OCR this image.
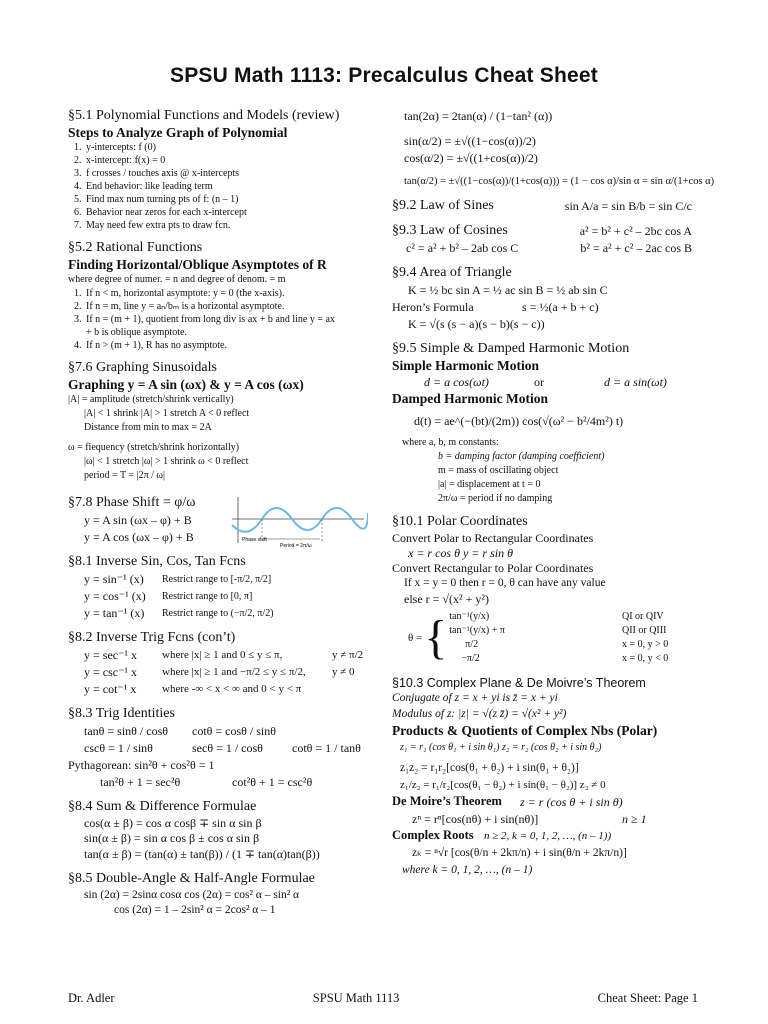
SPSU Math 1113: Precalculus Cheat Sheet
§5.1 Polynomial Functions and Models (review)
Steps to Analyze Graph of Polynomial
1. y-intercepts: f (0)
2. x-intercept: f(x) = 0
3. f crosses / touches axis @ x-intercepts
4. End behavior: like leading term
5. Find max num turning pts of f: (n – 1)
6. Behavior near zeros for each x-intercept
7. May need few extra pts to draw fcn.
§5.2 Rational Functions
Finding Horizontal/Oblique Asymptotes of R
where degree of numer. = n and degree of denom. = m
1. If n < m, horizontal asymptote: y = 0 (the x-axis).
2. If n = m, line y = aₙ/bₘ is a horizontal asymptote.
3. If n = (m + 1), quotient from long div is ax + b and line y = ax
+ b is oblique asymptote.
4. If n > (m + 1), R has no asymptote.
§7.6 Graphing Sinusoidals
Graphing y = A sin (ωx) & y = A cos (ωx)
|A| = amplitude (stretch/shrink vertically)
|A| < 1 shrink |A| > 1 stretch A < 0 reflect
Distance from min to max = 2A
ω = fiequency (stretch/shrink horizontally)
|ω| < 1 stretch |ω| > 1 shrink ω < 0 reflect
period = T = |2π / ω|
§7.8 Phase Shift = φ/ω
y = A sin (ωx – φ) + B
y = A cos (ωx – φ) + B	Phase shift
Period = 2π/ω
§8.1 Inverse Sin, Cos, Tan Fcns
y = sin⁻¹ (x)	Restrict range to [-π/2, π/2]
y = cos⁻¹ (x)	Restrict range to [0, π]
y = tan⁻¹ (x)	Restrict range to (−π/2, π/2)
§8.2 Inverse Trig Fcns (con’t)
y = sec⁻¹ x	where |x| ≥ 1 and 0 ≤ y ≤ π,	y ≠ π/2
y = csc⁻¹ x	where |x| ≥ 1 and −π/2 ≤ y ≤ π/2,	y ≠ 0
y = cot⁻¹ x	where -∞ < x < ∞ and 0 < y < π
§8.3 Trig Identities
tanθ = sinθ / cosθ	cotθ = cosθ / sinθ
cscθ = 1 / sinθ	secθ = 1 / cosθ	cotθ = 1 / tanθ
Pythagorean: sin²θ + cos²θ = 1
tan²θ + 1 = sec²θ	cot²θ + 1 = csc²θ
§8.4 Sum & Difference Formulae
cos(α ± β) = cos α cosβ ∓ sin α sin β
sin(α ± β) = sin α cos β ± cos α sin β
tan(α ± β) = (tan(α) ± tan(β)) / (1 ∓ tan(α)tan(β))
§8.5 Double-Angle & Half-Angle Formulae
sin (2α) = 2sinα cosα cos (2α) = cos² α – sin² α
cos (2α) = 1 – 2sin² α = 2cos² α – 1
tan(2α) = 2tan(α) / (1−tan² (α))
sin(α/2) = ±√((1−cos(α))/2)
cos(α/2) = ±√((1+cos(α))/2)
tan(α/2) = ±√((1−cos(α))/(1+cos(α))) = (1 − cos α)/sin α = sin α/(1+cos α)
§9.2 Law of Sines	sin A/a = sin B/b = sin C/c
§9.3 Law of Cosines	a² = b² + c² – 2bc cos A
c² = a² + b² – 2ab cos C	b² = a² + c² – 2ac cos B
§9.4 Area of Triangle
K = ½ bc sin A = ½ ac sin B = ½ ab sin C
Heron’s Formula	s = ½(a + b + c)
K = √(s (s − a)(s − b)(s − c))
§9.5 Simple & Damped Harmonic Motion
Simple Harmonic Motion
d = a cos(ωt)	or	d = a sin(ωt)
Damped Harmonic Motion
d(t) = ae^(−(bt)/(2m)) cos(√(ω² − b²/4m²) t)
where a, b, m constants:
b = damping factor (damping coefficient)
m = mass of oscillating object
|a| = displacement at t = 0
2π/ω = period if no damping
§10.1 Polar Coordinates
Convert Polar to Rectangular Coordinates
x = r cos θ y = r sin θ
Convert Rectangular to Polar Coordinates
If x = y = 0 then r = 0, θ can have any value
else r = √(x² + y²)
θ = { tan⁻¹(y/x)	QI or QIV
tan⁻¹(y/x) + π	QII or QIII
π/2	x = 0, y > 0
−π/2	x = 0, y < 0
§10.3 Complex Plane & De Moivre’s Theorem
Conjugate of z = x + yi is z̄ = x + yi
Modulus of z: |z| = √(z z̄) = √(x² + y²)
Products & Quotients of Complex Nbs (Polar)
z₁ = r₁ (cos θ₁ + i sin θ₁) z₂ = r₂ (cos θ₂ + i sin θ₂)
z₁z₂ = r₁r₂[cos(θ₁ + θ₂) + i sin(θ₁ + θ₂)]
z₁/z₂ = r₁/r₂[cos(θ₁ − θ₂) + i sin(θ₁ − θ₂)] z₂ ≠ 0
De Moire’s Theorem	z = r (cos θ + i sin θ)
zⁿ = rⁿ[cos(nθ) + i sin(nθ)]	n ≥ 1
Complex Roots n ≥ 2, k = 0, 1, 2, …, (n – 1))
zₖ = ⁿ√r [cos(θ/n + 2kπ/n) + i sin(θ/n + 2kπ/n)]
where k = 0, 1, 2, …, (n – 1)
Dr. Adler	SPSU Math 1113	Cheat Sheet: Page 1
